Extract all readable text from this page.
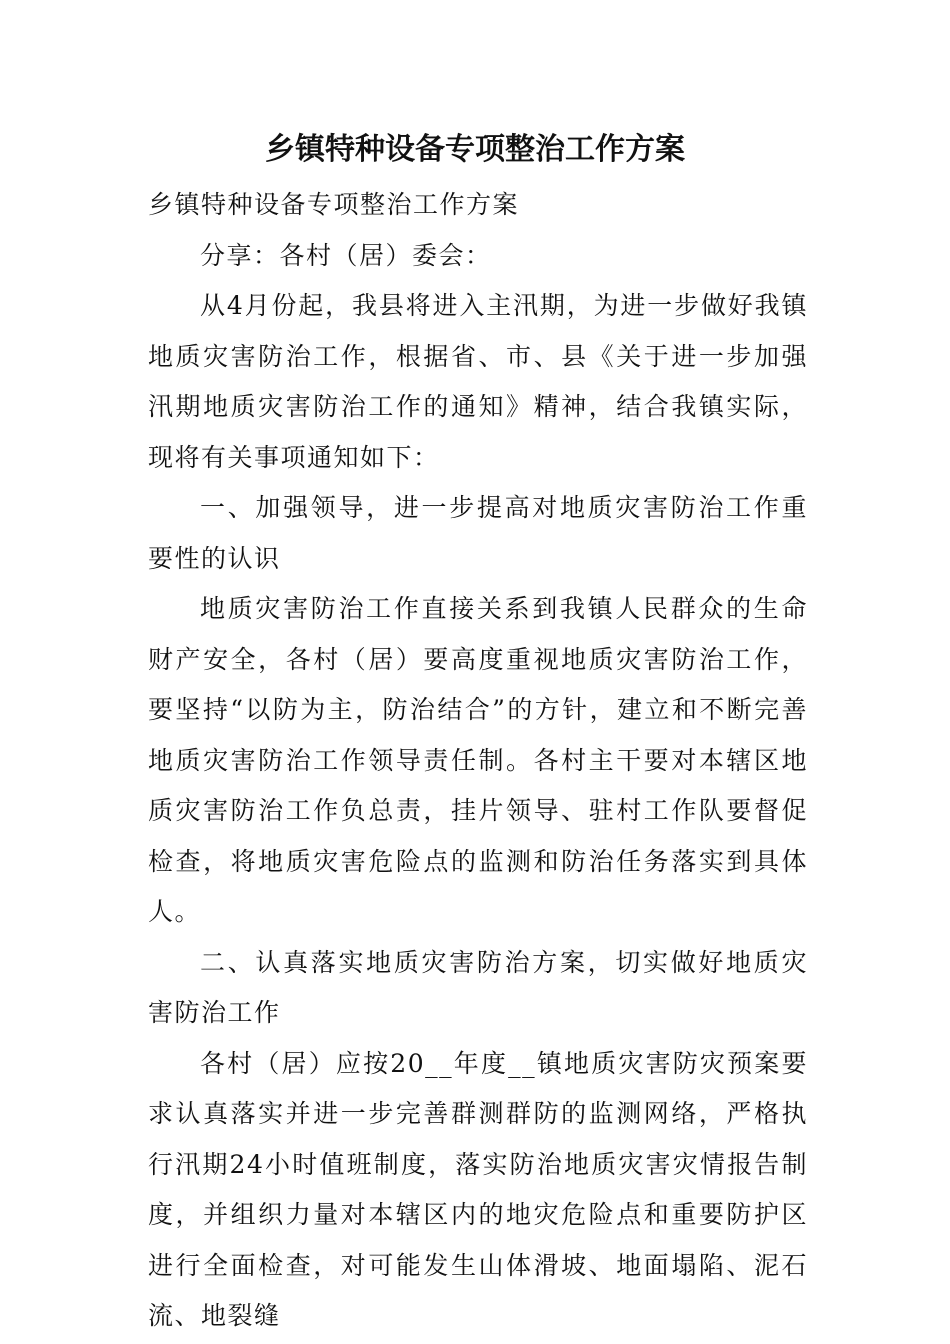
乡镇特种设备专项整治工作方案

乡镇特种设备专项整治工作方案

分享：各村（居）委会：

从4月份起，我县将进入主汛期，为进一步做好我镇地质灾害防治工作，根据省、市、县《关于进一步加强汛期地质灾害防治工作的通知》精神，结合我镇实际，现将有关事项通知如下：

一、加强领导，进一步提高对地质灾害防治工作重要性的认识

地质灾害防治工作直接关系到我镇人民群众的生命财产安全，各村（居）要高度重视地质灾害防治工作，要坚持“以防为主，防治结合”的方针，建立和不断完善地质灾害防治工作领导责任制。各村主干要对本辖区地质灾害防治工作负总责，挂片领导、驻村工作队要督促检查，将地质灾害危险点的监测和防治任务落实到具体人。

二、认真落实地质灾害防治方案，切实做好地质灾害防治工作

各村（居）应按20__年度__镇地质灾害防灾预案要求认真落实并进一步完善群测群防的监测网络，严格执行汛期24小时值班制度，落实防治地质灾害灾情报告制度，并组织力量对本辖区内的地灾危险点和重要防护区进行全面检查，对可能发生山体滑坡、地面塌陷、泥石流、地裂缝
